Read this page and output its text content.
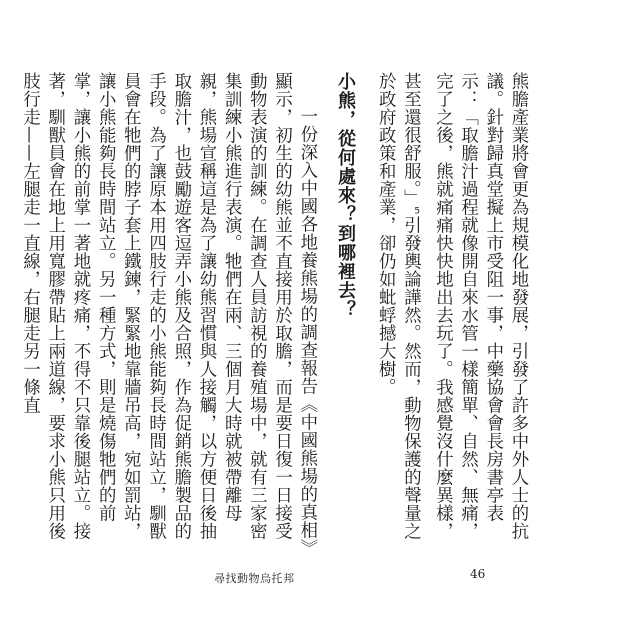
熊膽產業將會更為規模化地發展，引發了許多中外人士的抗議。針對歸真堂擬上市受阻一事，中藥協會會長房書亭表示：「取膽汁過程就像開自來水管一樣簡單、自然、無痛，完了之後，熊就痛痛快快地出去玩了。我感覺沒什麼異樣，甚至還很舒服。」$^5$引發輿論譁然。然而，動物保護的聲量之於政府政策和產業，卻仍如蚍蜉撼大樹。

小熊，從何處來？到哪裡去？

一份深入中國各地養熊場的調查報告《中國熊場的真相》顯示，初生的幼熊並不直接用於取膽，而是要日復一日接受動物表演的訓練。在調查人員訪視的養殖場中，就有三家密集訓練小熊進行表演。牠們在兩、三個月大時就被帶離母親，熊場宣稱這是為了讓幼熊習慣與人接觸，以方便日後抽取膽汁，也鼓勵遊客逗弄小熊及合照，作為促銷熊膽製品的手段。為了讓原本用四肢行走的小熊能夠長時間站立，馴獸員會在牠們的脖子套上鐵鍊，緊緊地靠牆吊高，宛如罰站，讓小熊能夠長時間站立。另一種方式，則是燒傷牠們的前掌，讓小熊的前掌一著地就疼痛，不得不只靠後腿站立。接著，馴獸員會在地上用寬膠帶貼上兩道線，要求小熊只用後肢行走——左腿走一直線，右腿走另一條直

尋找動物烏托邦	46
